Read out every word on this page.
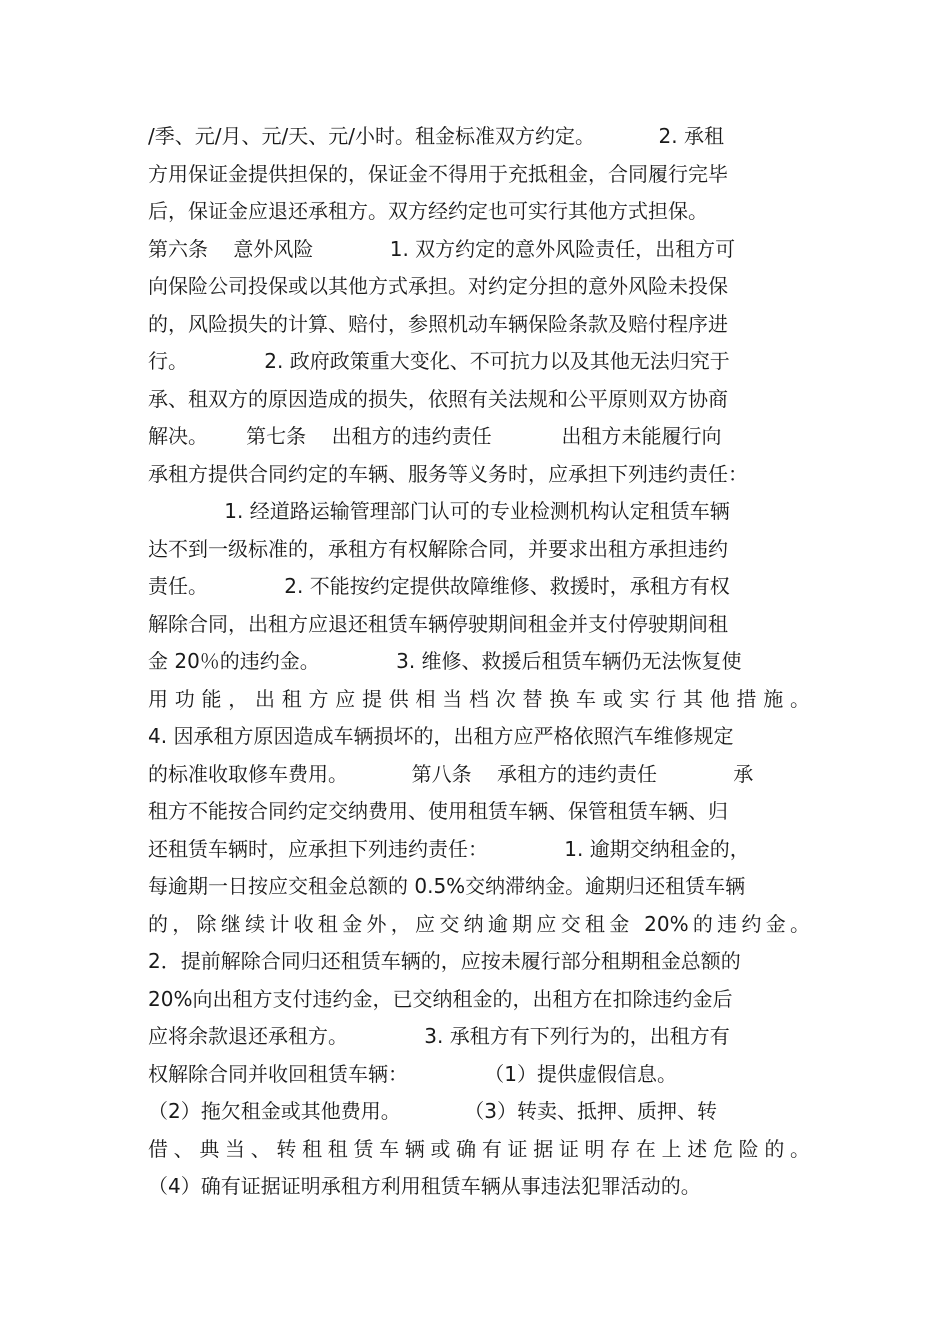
/季、元/月、元/天、元/小时。租金标准双方约定。          2. 承租
方用保证金提供担保的，保证金不得用于充抵租金，合同履行完毕
后，保证金应退还承租方。双方经约定也可实行其他方式担保。
第六条    意外风险            1. 双方约定的意外风险责任，出租方可
向保险公司投保或以其他方式承担。对约定分担的意外风险未投保
的，风险损失的计算、赔付，参照机动车辆保险条款及赔付程序进
行。            2. 政府政策重大变化、不可抗力以及其他无法归究于
承、租双方的原因造成的损失，依照有关法规和公平原则双方协商
解决。      第七条    出租方的违约责任           出租方未能履行向
承租方提供合同约定的车辆、服务等义务时，应承担下列违约责任：
1. 经道路运输管理部门认可的专业检测机构认定租赁车辆
达不到一级标准的，承租方有权解除合同，并要求出租方承担违约
责任。            2. 不能按约定提供故障维修、救援时，承租方有权
解除合同，出租方应退还租赁车辆停驶期间租金并支付停驶期间租
金 20％的违约金。            3. 维修、救援后租赁车辆仍无法恢复使
用功能，出租方应提供相当档次替换车或实行其他措施。
4. 因承租方原因造成车辆损坏的，出租方应严格依照汽车维修规定
的标准收取修车费用。          第八条    承租方的违约责任            承
租方不能按合同约定交纳费用、使用租赁车辆、保管租赁车辆、归
还租赁车辆时，应承担下列违约责任：            1. 逾期交纳租金的，
每逾期一日按应交租金总额的 0.5%交纳滞纳金。逾期归还租赁车辆
的，除继续计收租金外，应交纳逾期应交租金 20%的违约金。
2．提前解除合同归还租赁车辆的，应按未履行部分租期租金总额的
20%向出租方支付违约金，已交纳租金的，出租方在扣除违约金后
应将余款退还承租方。            3. 承租方有下列行为的，出租方有
权解除合同并收回租赁车辆：            （1）提供虚假信息。
（2）拖欠租金或其他费用。          （3）转卖、抵押、质押、转
借、典当、转租租赁车辆或确有证据证明存在上述危险的。
（4）确有证据证明承租方利用租赁车辆从事违法犯罪活动的。
